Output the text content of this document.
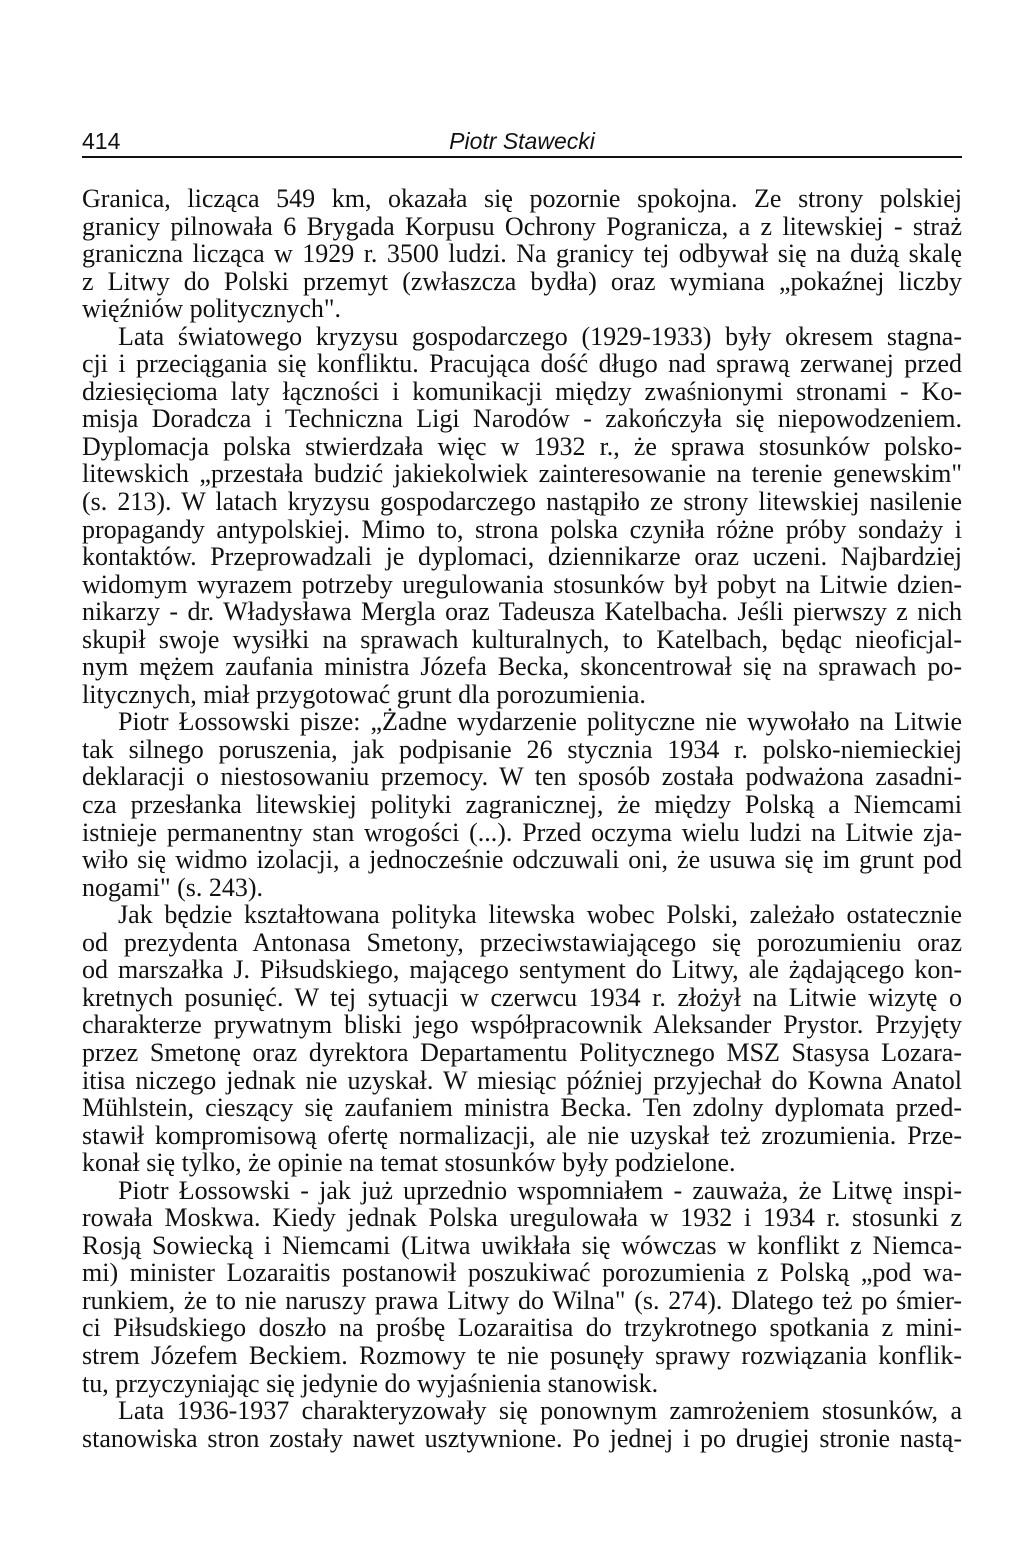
414	Piotr Stawecki
Granica, licząca 549 km, okazała się pozornie spokojna. Ze strony polskiej
granicy pilnowała 6 Brygada Korpusu Ochrony Pogranicza, a z litewskiej - straż
graniczna licząca w 1929 r. 3500 ludzi. Na granicy tej odbywał się na dużą skalę
z Litwy do Polski przemyt (zwłaszcza bydła) oraz wymiana „pokaźnej liczby
więźniów politycznych".
Lata światowego kryzysu gospodarczego (1929-1933) były okresem stagna-
cji i przeciągania się konfliktu. Pracująca dość długo nad sprawą zerwanej przed
dziesięcioma laty łączności i komunikacji między zwaśnionymi stronami - Ko-
misja Doradcza i Techniczna Ligi Narodów - zakończyła się niepowodzeniem.
Dyplomacja polska stwierdzała więc w 1932 r., że sprawa stosunków polsko-
litewskich „przestała budzić jakiekolwiek zainteresowanie na terenie genewskim"
(s. 213). W latach kryzysu gospodarczego nastąpiło ze strony litewskiej nasilenie
propagandy antypolskiej. Mimo to, strona polska czyniła różne próby sondaży i
kontaktów. Przeprowadzali je dyplomaci, dziennikarze oraz uczeni. Najbardziej
widomym wyrazem potrzeby uregulowania stosunków był pobyt na Litwie dzien-
nikarzy - dr. Władysława Mergla oraz Tadeusza Katelbacha. Jeśli pierwszy z nich
skupił swoje wysiłki na sprawach kulturalnych, to Katelbach, będąc nieoficjal-
nym mężem zaufania ministra Józefa Becka, skoncentrował się na sprawach po-
litycznych, miał przygotować grunt dla porozumienia.
Piotr Łossowski pisze: „Żadne wydarzenie polityczne nie wywołało na Litwie
tak silnego poruszenia, jak podpisanie 26 stycznia 1934 r. polsko-niemieckiej
deklaracji o niestosowaniu przemocy. W ten sposób została podważona zasadni-
cza przesłanka litewskiej polityki zagranicznej, że między Polską a Niemcami
istnieje permanentny stan wrogości (...). Przed oczyma wielu ludzi na Litwie zja-
wiło się widmo izolacji, a jednocześnie odczuwali oni, że usuwa się im grunt pod
nogami" (s. 243).
Jak będzie kształtowana polityka litewska wobec Polski, zależało ostatecznie
od prezydenta Antonasa Smetony, przeciwstawiającego się porozumieniu oraz
od marszałka J. Piłsudskiego, mającego sentyment do Litwy, ale żądającego kon-
kretnych posunięć. W tej sytuacji w czerwcu 1934 r. złożył na Litwie wizytę o
charakterze prywatnym bliski jego współpracownik Aleksander Prystor. Przyjęty
przez Smetonę oraz dyrektora Departamentu Politycznego MSZ Stasysa Lozara-
itisa niczego jednak nie uzyskał. W miesiąc później przyjechał do Kowna Anatol
Mühlstein, cieszący się zaufaniem ministra Becka. Ten zdolny dyplomata przed-
stawił kompromisową ofertę normalizacji, ale nie uzyskał też zrozumienia. Prze-
konał się tylko, że opinie na temat stosunków były podzielone.
Piotr Łossowski - jak już uprzednio wspomniałem - zauważa, że Litwę inspi-
rowała Moskwa. Kiedy jednak Polska uregulowała w 1932 i 1934 r. stosunki z
Rosją Sowiecką i Niemcami (Litwa uwikłała się wówczas w konflikt z Niemca-
mi) minister Lozaraitis postanowił poszukiwać porozumienia z Polską „pod wa-
runkiem, że to nie naruszy prawa Litwy do Wilna" (s. 274). Dlatego też po śmier-
ci Piłsudskiego doszło na prośbę Lozaraitisa do trzykrotnego spotkania z mini-
strem Józefem Beckiem. Rozmowy te nie posunęły sprawy rozwiązania konflik-
tu, przyczyniając się jedynie do wyjaśnienia stanowisk.
Lata 1936-1937 charakteryzowały się ponownym zamrożeniem stosunków, a
stanowiska stron zostały nawet usztywnione. Po jednej i po drugiej stronie nastą-
